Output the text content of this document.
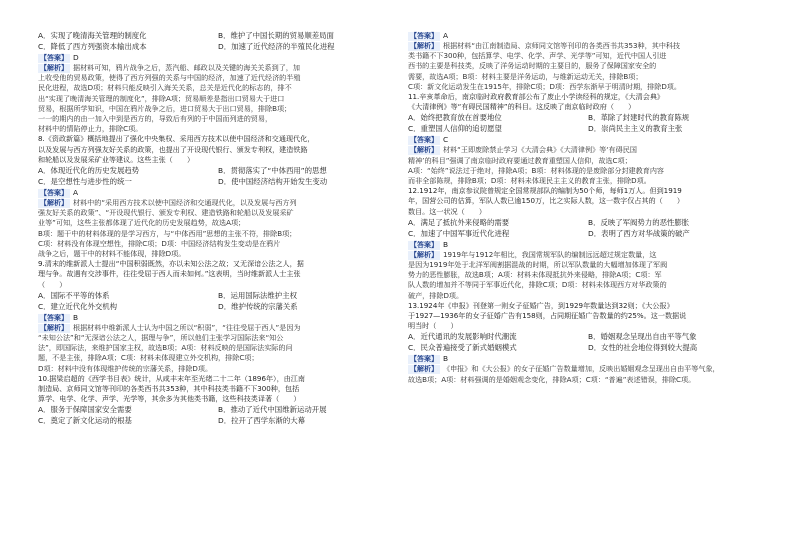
A．实现了晚清海关管理的制度化	B．维护了中国长期的贸易顺差局面
C．降低了西方列强资本输出成本	D．加速了近代经济的半殖民化进程
【答案】 D
【解析】 据材料可知，鸦片战争之后，蒸汽船、邮政以及关键的海关关系到了，加
上收受他的贸易政策，使得了西方列强的关系与中国的经济，加速了近代经济的半殖
民化进程，故选D项；材料只能反映引入海关关系，总关是近代化的标志的，排不
出“实现了晚清海关管理的制度化”，排除A项；贸易顺差是指出口贸易大于进口
贸易，根据所学知识，中国在鸦片战争之后，进口贸易大于出口贸易，排除B项；
一一的期内的由一加入中到是西方的，导致后有列的于中国而列进的贸易，
材料中的情陷停止力，排除C项。
8.《资政新篇》概括地提出了强化中央集权、采用西方技术以使中国经济和交通现代化，
以及发展与西方列强友好关系的政策，也提出了开设现代银行、颁发专利权，建造铁路
和轮船以及发展采矿业等建议。这些主张（　　）
A．体现近代化的历史发展趋势	B．贯彻落实了“中体西用”的思想
C．是空想性与进步性的统一	D．使中国经济结构开始发生变动
【答案】 A
【解析】 材料中的“采用西方技术以使中国经济和交通现代化，以及发展与西方列
强友好关系的政策”、“开设现代银行、颁发专利权、建造铁路和轮船以及发展采矿
业等”可知，这些主张都体现了近代化的历史发展趋势，故选A项；
B项：题干中的材料体现的是学习西方，与“中体西用”思想的主张不符，排除B项；
C项：材料没有体现空想性，排除C项；D项：中国经济结构发生变动是在鸦片
战争之后，题干中的材料不能体现，排除D项。
9.清末的维新派人士提出“中国积弱既然，亦以未知公法之故；又无深谙公法之人，据
理与争。故遇有交涉事件，往往受屈于西人而未如何。”这表明，当时维新派人士主张
（　　）
A．国际不平等的体系	B．运用国际法维护主权
C．建立近代化外交机构	D．维护传统的宗藩关系
【答案】 B
【解析】 根据材料中维新派人士认为中国之所以“积弱”，“往往受屈于西人”是因为
“未知公法”和“无深谙公法之人，据理与争”，所以他们主张学习国际法来“知公
法”，即国际法，来维护国家主权，故选B项；A项：材料反映的是国际法实际的问
题，不是主张，排除A项；C项：材料未体现建立外交机构，排除C项；
D项：材料中没有体现维护传统的宗藩关系，排除D项。
10.据梁启超的《西学书目表》统计，从咸丰末年至光绪二十二年（1896年），由江南
制造局、京师同文馆等刊印的各类西书共353种，其中科技类书籍不下300种，包括
算学、电学、化学、声学、光学等，其余多为其他类书籍，这些科技类译著（　　）
A．服务于保障国家安全需要	B．推动了近代中国维新运动开展
C．奠定了新文化运动的根基	D．拉开了西学东渐的大幕
【答案】 A
【解析】 根据材料“由江南制造局、京师同文馆等刊印的各类西书共353种，其中科技
类书籍不下300种，包括算学、电学、化学、声学、光学等”可知，近代中国人引进
西书的主要是科技类，反映了洋务运动时期的主要目的，服务了保障国家安全的
需要，故选A项；B项：材料主要是洋务运动，与维新运动无关，排除B项；
C项：新文化运动发生在1915年，排除C项；D项：西学东渐早于明清时期，排除D项。
11.辛亥革命后，南京临时政府教育部公布了废止小学读经科的规定，《大清会典》
《大清律例》等“有碍民国精神”的科目。这反映了南京临时政府（　　）
A．始终把教育放在首要地位	B．革除了封建时代的教育陈规
C．重塑国人信仰的追切愿望	D．崇尚民主主义的教育主张
【答案】 C
【解析】 材料“王即废除禁止学习《大清会典》《大清律例》等‘有碍民国
精神’的科目”强调了南京临时政府要通过教育重塑国人信仰，故选C项；
A项：“始终”说法过于绝对，排除A项；B项：材料体现的是废除部分封建教育内容
而非全部陈规，排除B项；D项：材料未体现民主主义的教育主张，排除D项。
12.1912年，南京参议院曾规定全国常规部队的编制为50个师，每师1万人。但到1919
年，国营公司的估算，军队人数已逾150万，比之实际人数，这一数字仅占其的（　　）
数目。这一状况（　　）
A．满足了抵抗外来侵略的需要	B．反映了军阀势力的恶性膨胀
C．加速了中国军事近代化进程	D．表明了西方对华战策的破产
【答案】 B
【解析】 1919年与1912年相比，我国常规军队的编制远远超过规定数量，这
是因为1919年处于北洋军阀割据混战的时期，所以军队数量的大幅增加体现了军阀
势力的恶性膨胀，故选B项；A项：材料未体现抵抗外来侵略，排除A项；C项：军
队人数的增加并不等同于军事近代化，排除C项；D项：材料未体现西方对华政策的
破产，排除D项。
13.1924年《申报》刊登第一则女子征婚广告，到1929年数量达到32则；《大公报》
于1927—1936年的女子征婚广告有158则，占同期征婚广告数量的约25%。这一数据说
明当时（　　）
A．近代通讯的发展影响时代潮流	B．婚姻观念呈现出自由平等气象
C．民众普遍接受了新式婚姻模式	D．女性的社会地位得到较大提高
【答案】 B
【解析】 《申报》和《大公报》的女子征婚广告数量增加，反映出婚姻观念呈现出自由平等气象，
故选B项；A项：材料强调的是婚姻观念变化，排除A项；C项：“普遍”表述错误，排除C项。
